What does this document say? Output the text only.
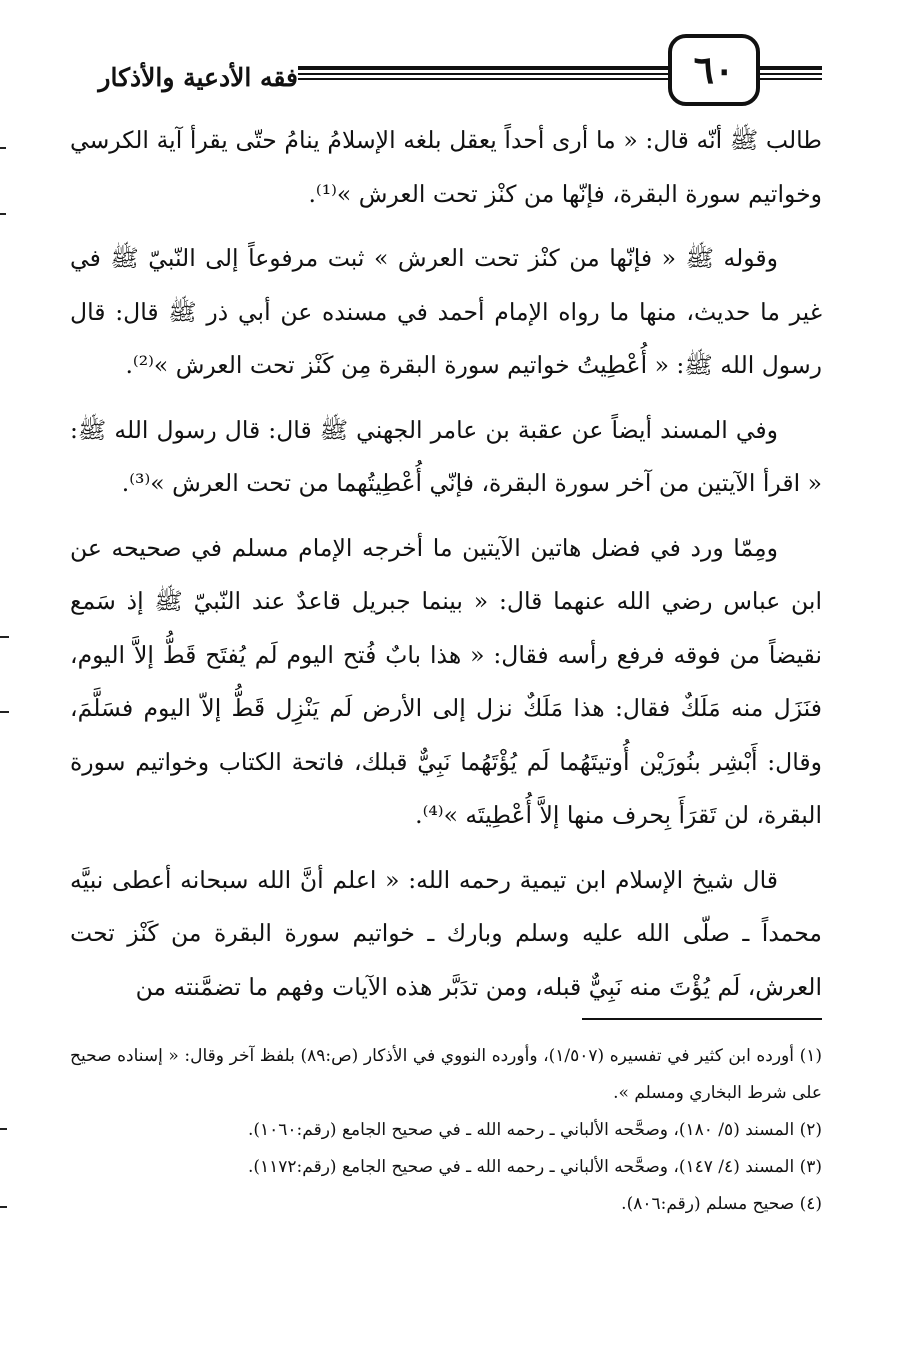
فقه الأدعية والأذكار	٦٠

طالب ﷺ أنّه قال: « ما أرى أحداً يعقل بلغه الإسلامُ ينامُ حتّى يقرأ آية الكرسي وخواتيم سورة البقرة، فإنّها من كنْز تحت العرش »⁽¹⁾.

وقوله ﷺ « فإنّها من كنْز تحت العرش » ثبت مرفوعاً إلى النّبيّ ﷺ في غير ما حديث، منها ما رواه الإمام أحمد في مسنده عن أبي ذر ﷺ قال: قال رسول الله ﷺ: « أُعْطِيتُ خواتيم سورة البقرة مِن كَنْز تحت العرش »⁽²⁾.

وفي المسند أيضاً عن عقبة بن عامر الجهني ﷺ قال: قال رسول الله ﷺ: « اقرأ الآيتين من آخر سورة البقرة، فإنّي أُعْطِيتُهما من تحت العرش »⁽³⁾.

ومِمّا ورد في فضل هاتين الآيتين ما أخرجه الإمام مسلم في صحيحه عن ابن عباس رضي الله عنهما قال: « بينما جبريل قاعدٌ عند النّبيّ ﷺ إذ سَمع نقيضاً من فوقه فرفع رأسه فقال: « هذا بابٌ فُتح اليوم لَم يُفتَح قَطُّ إلاَّ اليوم، فنَزَل منه مَلَكٌ فقال: هذا مَلَكٌ نزل إلى الأرض لَم يَنْزِل قَطُّ إلاّ اليوم فسَلَّمَ، وقال: أَبْشِر بنُورَيْن أُوتيتَهُما لَم يُؤْتَهُما نَبِيٌّ قبلك، فاتحة الكتاب وخواتيم سورة البقرة، لن تَقرَأَ بِحرف منها إلاَّ أُعْطِيتَه »⁽⁴⁾.

قال شيخ الإسلام ابن تيمية رحمه الله: « اعلم أنَّ الله سبحانه أعطى نبيَّه محمداً ـ صلّى الله عليه وسلم وبارك ـ خواتيم سورة البقرة من كَنْز تحت العرش، لَم يُؤْتَ منه نَبِيٌّ قبله، ومن تدَبَّر هذه الآيات وفهم ما تضمَّنته من

(١) أورده ابن كثير في تفسيره (١/٥٠٧)، وأورده النووي في الأذكار (ص:٨٩) بلفظ آخر وقال: « إسناده صحيح على شرط البخاري ومسلم ».

(٢) المسند (٥/ ١٨٠)، وصحَّحه الألباني ـ رحمه الله ـ في صحيح الجامع (رقم:١٠٦٠).

(٣) المسند (٤/ ١٤٧)، وصحَّحه الألباني ـ رحمه الله ـ في صحيح الجامع (رقم:١١٧٢).

(٤) صحيح مسلم (رقم:٨٠٦).
